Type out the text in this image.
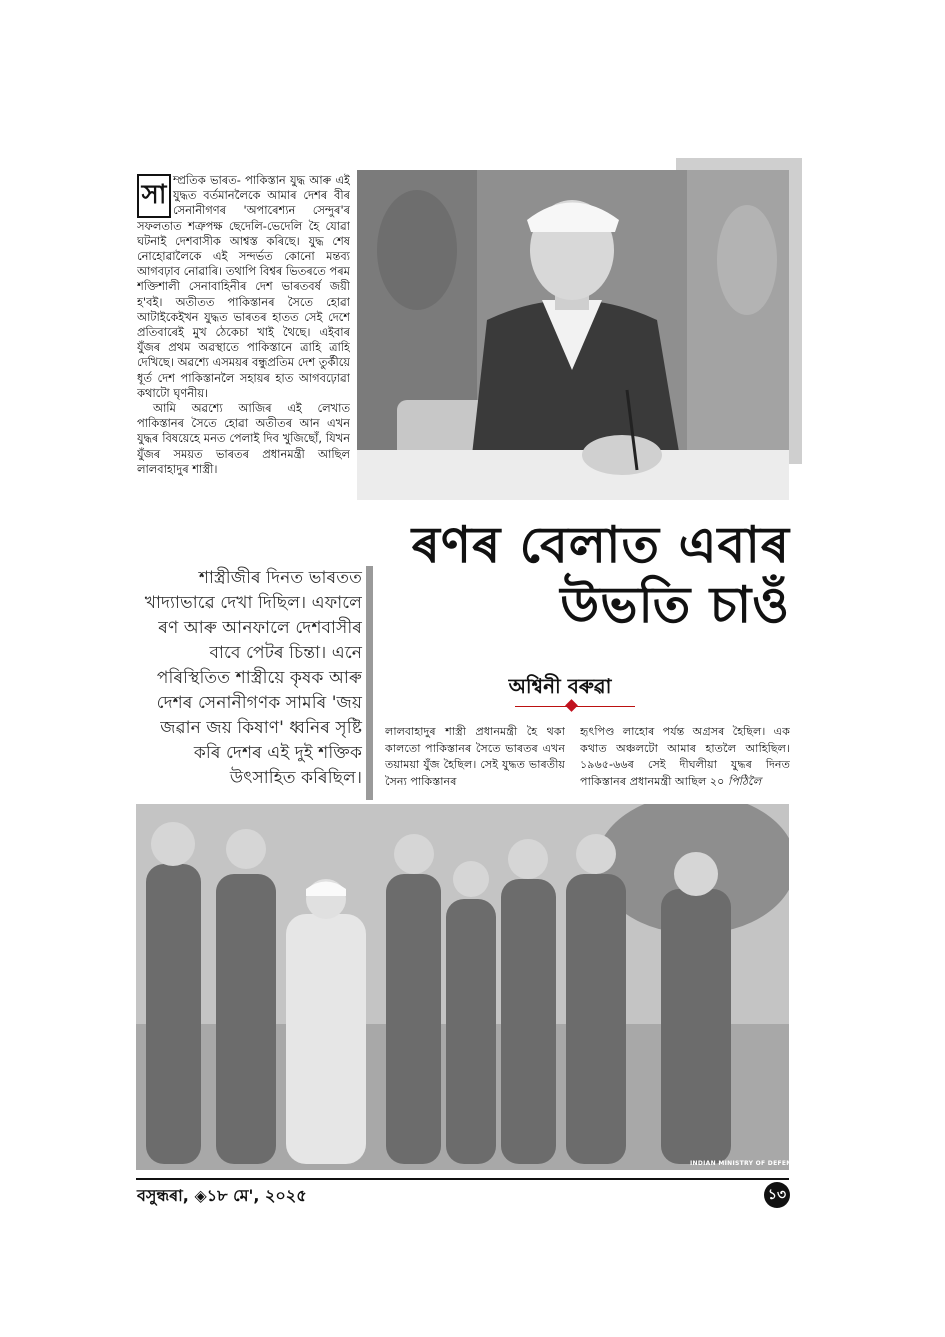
সা ম্প্ৰতিক ভাৰত- পাকিস্তান যুদ্ধ আৰু এই যুদ্ধত বৰ্তমানলৈকে আমাৰ দেশৰ বীৰ সেনানীগণৰ 'অপাৰেশ্যন সেন্দুৰ'ৰ সফলতাত শত্ৰুপক্ষ ছেদেলি-ভেদেলি হৈ যোৱা ঘটনাই দেশবাসীক আশ্বস্ত কৰিছে। যুদ্ধ শেষ নোহোৱালৈকে এই সন্দৰ্ভত কোনো মন্তব্য আগবঢ়াব নোৱাৰি। তথাপি বিশ্বৰ ভিতৰতে পৰম শক্তিশালী সেনাবাহিনীৰ দেশ ভাৰতবৰ্ষ জয়ী হ'বই। অতীতত পাকিস্তানৰ সৈতে হোৱা আটাইকেইখন যুদ্ধত ভাৰতৰ হাতত সেই দেশে প্ৰতিবাৰেই মুখ ঠেকেচা খাই থৈছে। এইবাৰ যুঁজৰ প্ৰথম অৱস্থাতে পাকিস্তানে ত্ৰাহি ত্ৰাহি দেখিছে। অৱশ্যে এসময়ৰ বন্ধুপ্ৰতিম দেশ তুৰ্কীয়ে ধূৰ্ত দেশ পাকিস্তানলৈ সহায়ৰ হাত আগবঢ়োৱা কথাটো ঘৃণনীয়।

আমি অৱশ্যে আজিৰ এই লেখাত পাকিস্তানৰ সৈতে হোৱা অতীতৰ আন এখন যুদ্ধৰ বিষয়েহে মনত পেলাই দিব খুজিছোঁ, যিখন যুঁজৰ সময়ত ভাৰতৰ প্ৰধানমন্ত্ৰী আছিল লালবাহাদুৰ শাস্ত্ৰী।

ৰণৰ বেলাত এবাৰ
উভতি চাওঁ
অশ্বিনী বৰুৱা
শাস্ত্ৰীজীৰ দিনত ভাৰতত খাদ্যাভাৱে দেখা দিছিল। এফালে ৰণ আৰু আনফালে দেশবাসীৰ বাবে পেটৰ চিন্তা। এনে পৰিস্থিতিত শাস্ত্ৰীয়ে কৃষক আৰু দেশৰ সেনানীগণক সামৰি 'জয় জৱান জয় কিষাণ' ধ্বনিৰ সৃষ্টি কৰি দেশৰ এই দুই শক্তিক উৎসাহিত কৰিছিল।
লালবাহাদুৰ শাস্ত্ৰী প্ৰধানমন্ত্ৰী হৈ থকা কালতো পাকিস্তানৰ সৈতে ভাৰতৰ এখন তয়াময়া যুঁজ হৈছিল। সেই যুদ্ধত ভাৰতীয় সৈন্য পাকিস্তানৰ
হৃৎপিণ্ড লাহোৰ পৰ্যন্ত অগ্ৰসৰ হৈছিল। এক কথাত অঞ্চলটো আমাৰ হাতলৈ আহিছিল। ১৯৬৫-৬৬ৰ সেই দীঘলীয়া যুদ্ধৰ দিনত পাকিস্তানৰ প্ৰধানমন্ত্ৰী আছিল ২০ পিঠিলৈ
INDIAN MINISTRY OF DEFENCE
বসুন্ধৰা, ◈১৮ মে', ২০২৫	১৩
